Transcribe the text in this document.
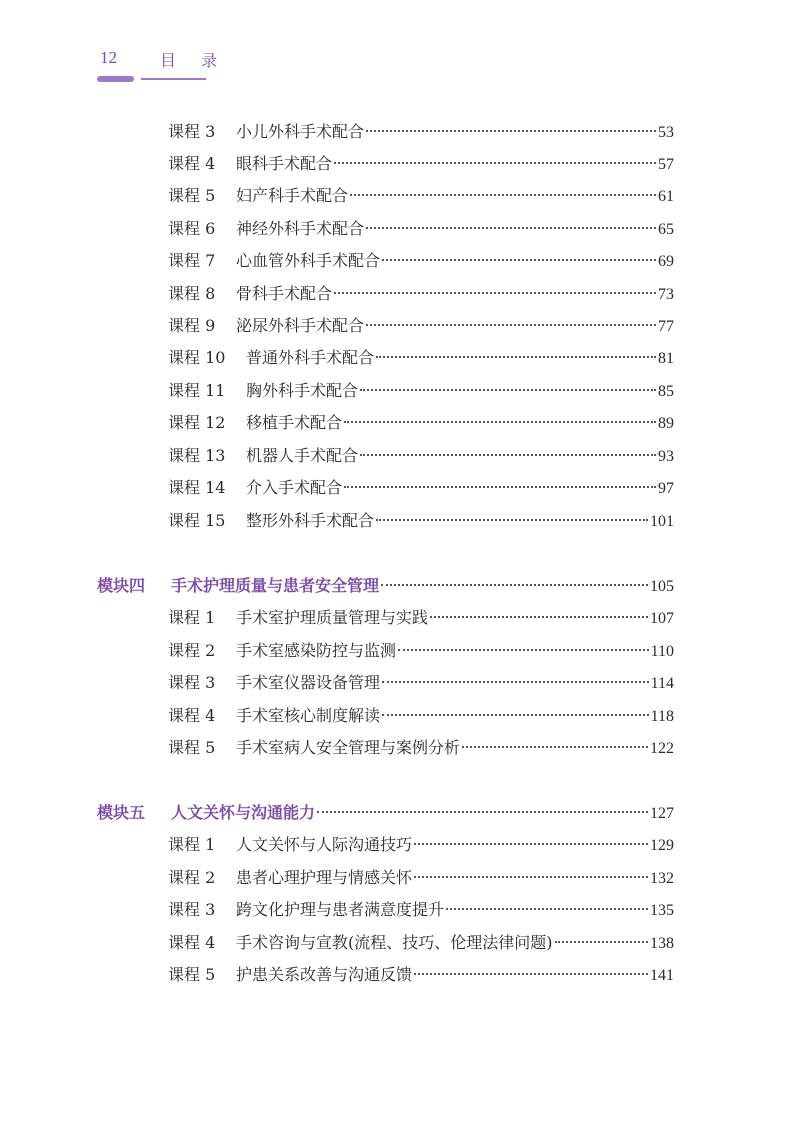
12	目 录
课程 3	小儿外科手术配合	53
课程 4	眼科手术配合	57
课程 5	妇产科手术配合	61
课程 6	神经外科手术配合	65
课程 7	心血管外科手术配合	69
课程 8	骨科手术配合	73
课程 9	泌尿外科手术配合	77
课程 10	普通外科手术配合	81
课程 11	胸外科手术配合	85
课程 12	移植手术配合	89
课程 13	机器人手术配合	93
课程 14	介入手术配合	97
课程 15	整形外科手术配合	101
模块四	手术护理质量与患者安全管理	105
课程 1	手术室护理质量管理与实践	107
课程 2	手术室感染防控与监测	110
课程 3	手术室仪器设备管理	114
课程 4	手术室核心制度解读	118
课程 5	手术室病人安全管理与案例分析	122
模块五	人文关怀与沟通能力	127
课程 1	人文关怀与人际沟通技巧	129
课程 2	患者心理护理与情感关怀	132
课程 3	跨文化护理与患者满意度提升	135
课程 4	手术咨询与宣教(流程、技巧、伦理法律问题)	138
课程 5	护患关系改善与沟通反馈	141
